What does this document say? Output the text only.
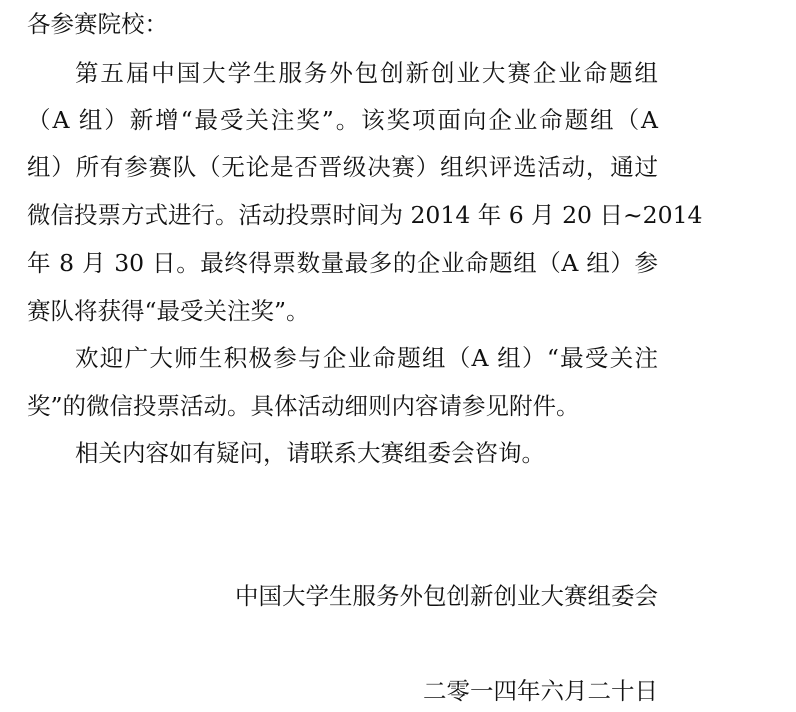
各参赛院校：
第五届中国大学生服务外包创新创业大赛企业命题组
（A 组）新增“最受关注奖”。该奖项面向企业命题组（A
组）所有参赛队（无论是否晋级决赛）组织评选活动，通过
微信投票方式进行。活动投票时间为 2014 年 6 月 20 日~2014
年 8 月 30 日。最终得票数量最多的企业命题组（A 组）参
赛队将获得“最受关注奖”。
欢迎广大师生积极参与企业命题组（A 组）“最受关注
奖”的微信投票活动。具体活动细则内容请参见附件。
相关内容如有疑问，请联系大赛组委会咨询。
中国大学生服务外包创新创业大赛组委会
二零一四年六月二十日
